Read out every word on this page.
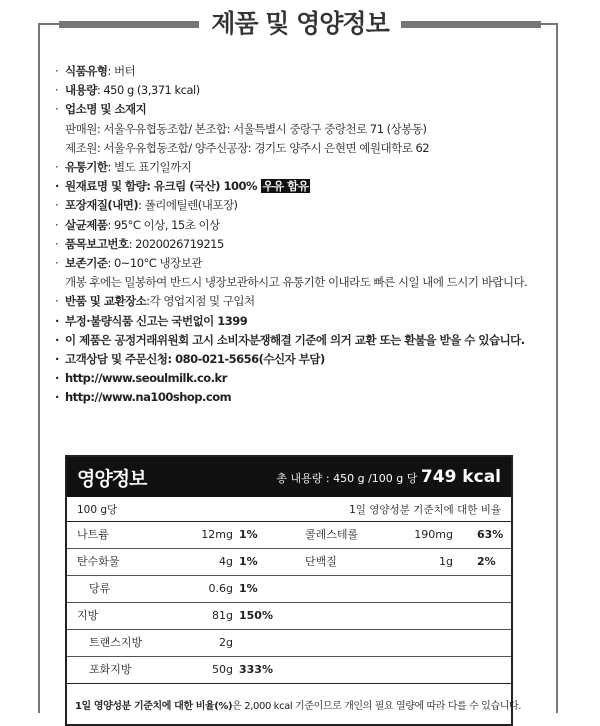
제품 및 영양정보
· 식품유형: 버터
· 내용량: 450 g (3,371 kcal)
· 업소명 및 소재지
판매원: 서울우유협동조합/ 본조합: 서울특별시 중랑구 중랑천로 71 (상봉동)
제조원: 서울우유협동조합/ 양주신공장: 경기도 양주시 은현면 예원대학로 62
· 유통기한: 별도 표기일까지
· 원재료명 및 함량: 유크림 (국산) 100% 우유 함유
· 포장재질(내면): 폴리에틸렌(내포장)
· 살균제품: 95°C 이상, 15초 이상
· 품목보고번호: 2020026719215
· 보존기준: 0~10°C 냉장보관
개봉 후에는 밀봉하여 반드시 냉장보관하시고 유통기한 이내라도 빠른 시일 내에 드시기 바랍니다.
· 반품 및 교환장소:각 영업지점 및 구입처
· 부정·불량식품 신고는 국번없이 1399
· 이 제품은 공정거래위원회 고시 소비자분쟁해결 기준에 의거 교환 또는 환불을 받을 수 있습니다.
· 고객상담 및 주문신청: 080-021-5656(수신자 부담)
· http://www.seoulmilk.co.kr
· http://www.na100shop.com
영양정보	총 내용량 : 450 g /100 g 당 749 kcal
100 g당	1일 영양성분 기준치에 대한 비율
나트륨	12mg 1%	콜레스테롤	190mg 63%
탄수화물	4g 1%	단백질	1g 2%
당류	0.6g 1%
지방	81g 150%
트랜스지방	2g
포화지방	50g 333%
1일 영양성분 기준치에 대한 비율(%) 은 2,000 kcal 기준이므로 개인의 필요 열량에 따라 다를 수 있습니다.
